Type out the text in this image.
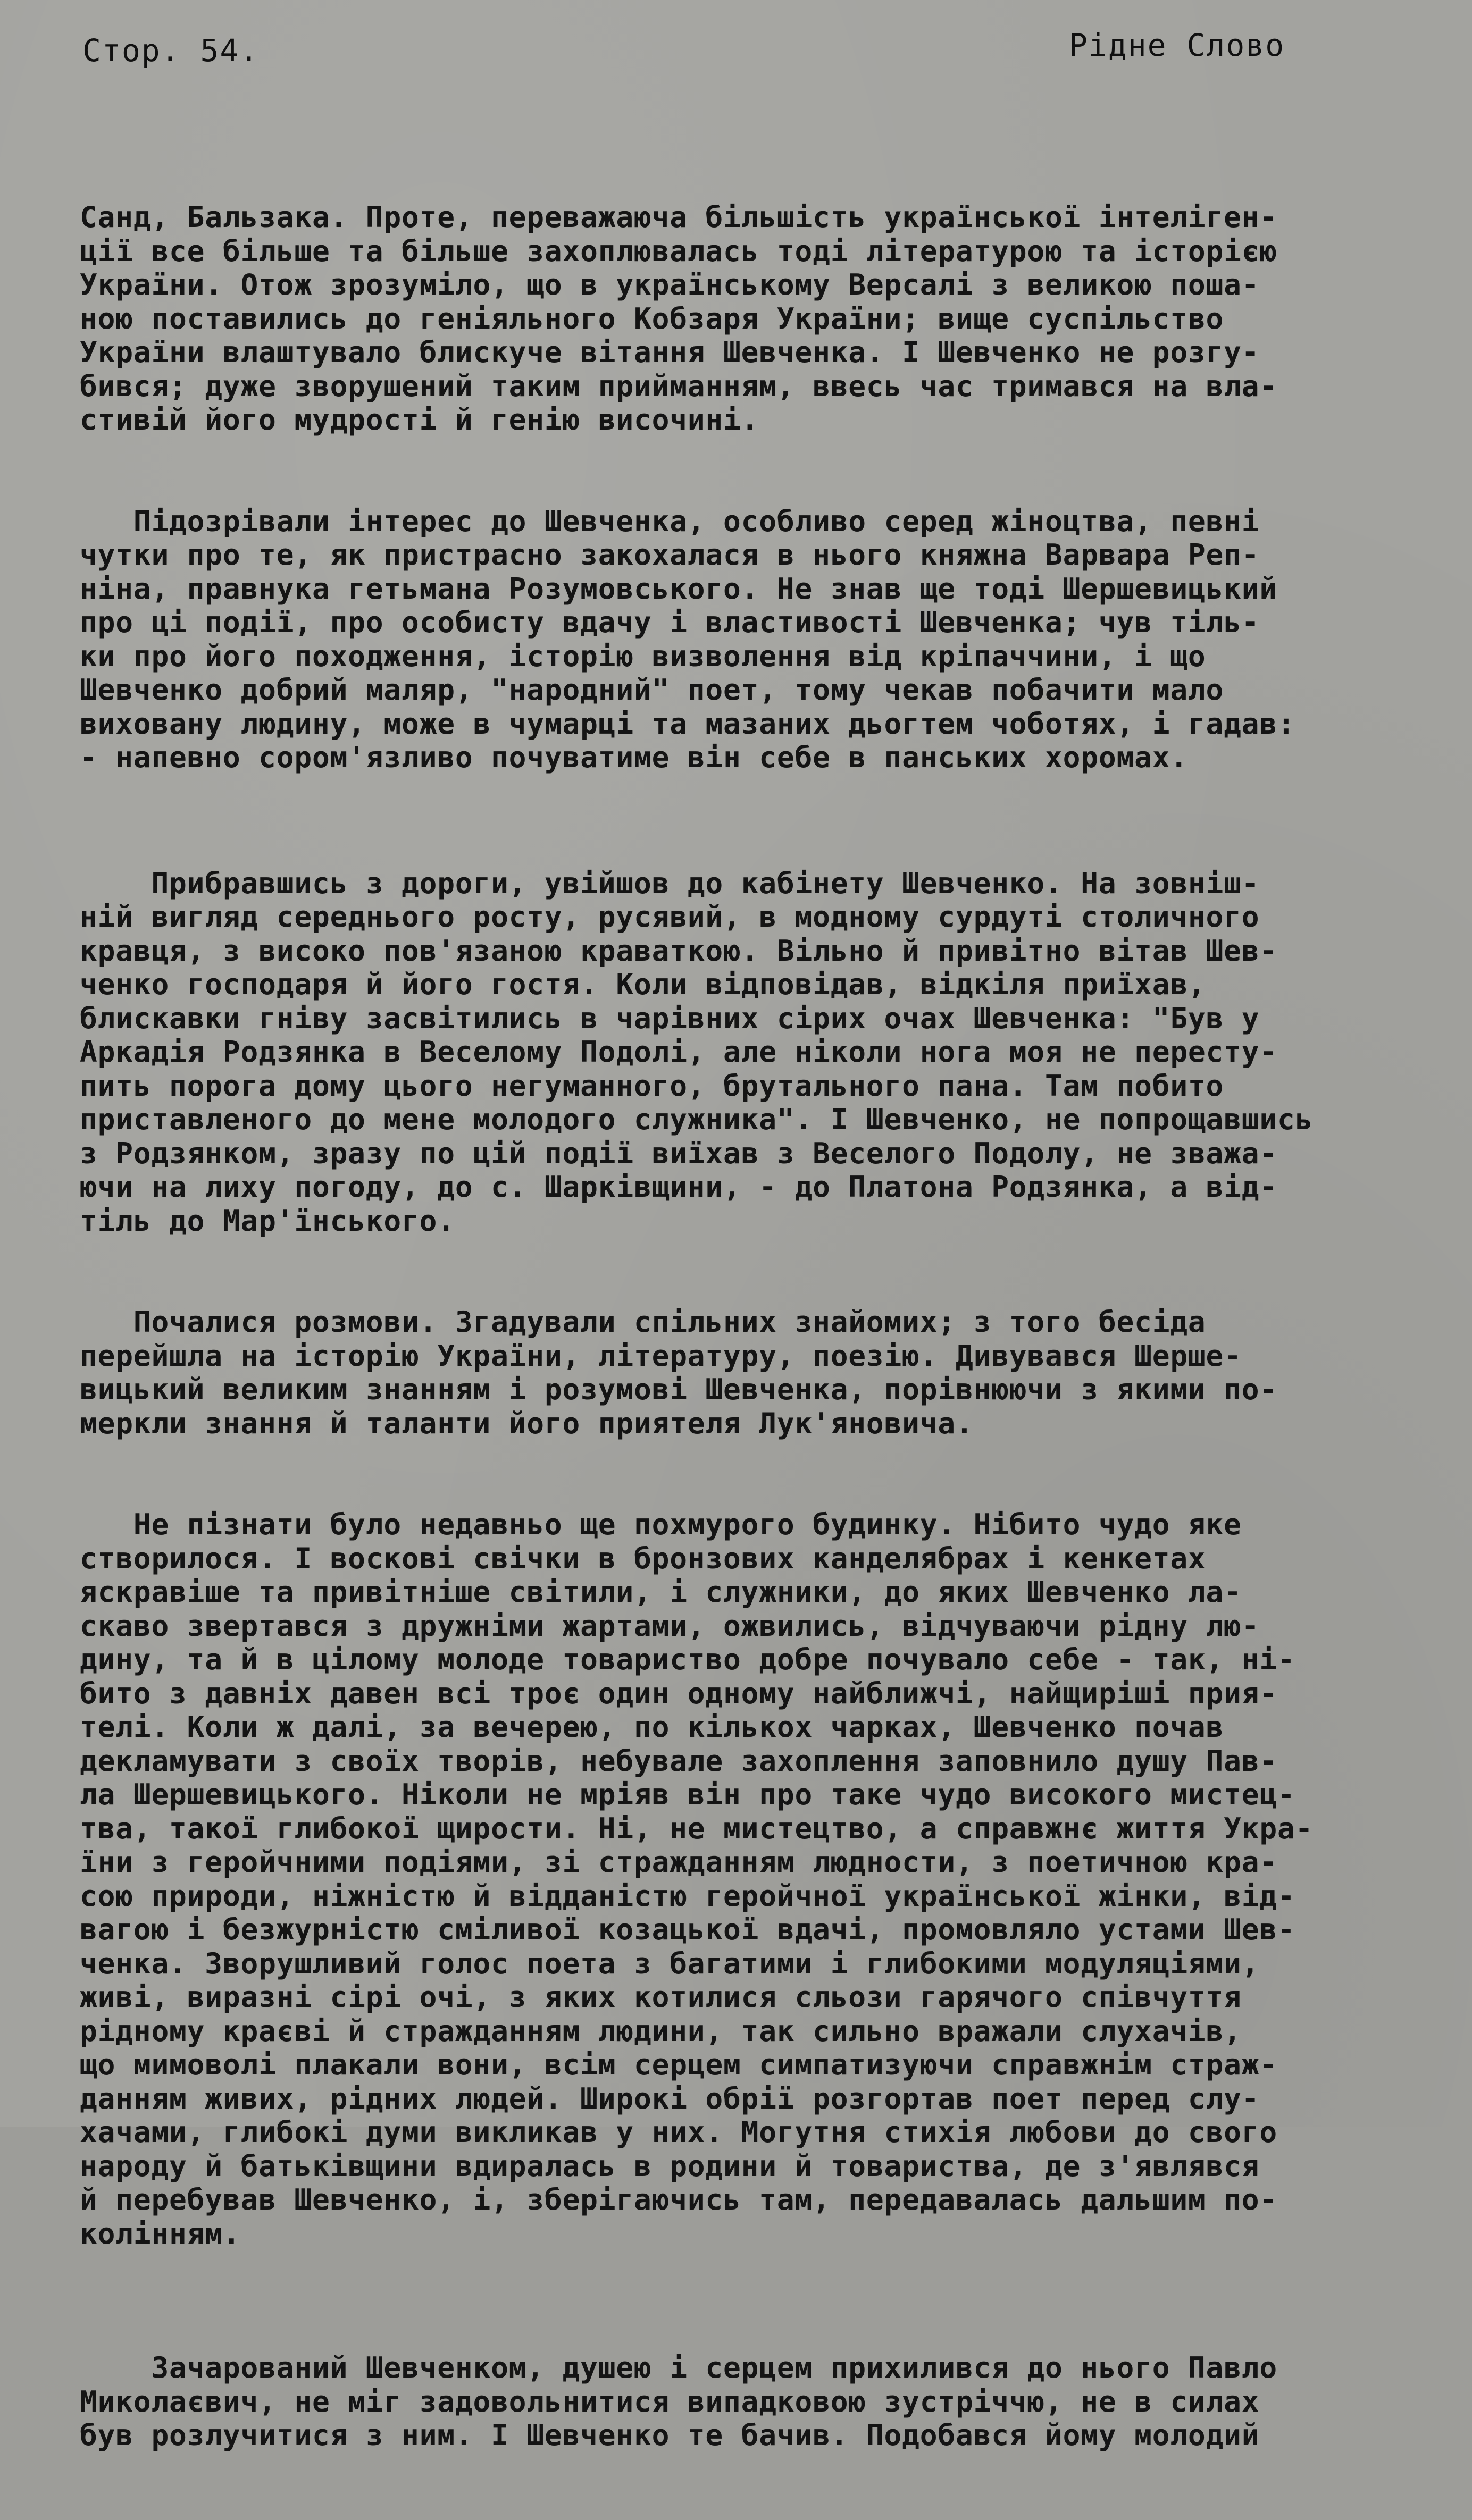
Стор. 54.	Рідне Слово

Санд, Бальзака. Проте, переважаюча більшість української інтеліген-
ції все більше та більше захоплювалась тоді літературою та історією
України. Отож зрозуміло, що в українському Версалі з великою поша-
ною поставились до геніяльного Кобзаря України; вище суспільство
України влаштувало блискуче вітання Шевченка. І Шевченко не розгу-
бився; дуже зворушений таким прийманням, ввесь час тримався на вла-
стивій його мудрості й генію височині.

Підозрівали інтерес до Шевченка, особливо серед жіноцтва, певні
чутки про те, як пристрасно закохалася в нього княжна Варвара Реп-
ніна, правнука гетьмана Розумовського. Не знав ще тоді Шершевицький
про ці події, про особисту вдачу і властивості Шевченка; чув тіль-
ки про його походження, історію визволення від кріпаччини, і що
Шевченко добрий маляр, "народний" поет, тому чекав побачити мало
виховану людину, може в чумарці та мазаних дьогтем чоботях, і гадав:
- напевно сором'язливо почуватиме він себе в панських хоромах.

Прибравшись з дороги, увійшов до кабінету Шевченко. На зовніш-
ній вигляд середнього росту, русявий, в модному сурдуті столичного
кравця, з високо пов'язаною краваткою. Вільно й привітно вітав Шев-
ченко господаря й його гостя. Коли відповідав, відкіля приїхав,
блискавки гніву засвітились в чарівних сірих очах Шевченка: "Був у
Аркадія Родзянка в Веселому Подолі, але ніколи нога моя не пересту-
пить порога дому цього негуманного, брутального пана. Там побито
приставленого до мене молодого служника". І Шевченко, не попрощавшись
з Родзянком, зразу по цій події виїхав з Веселого Подолу, не зважа-
ючи на лиху погоду, до с. Шарківщини, - до Платона Родзянка, а від-
тіль до Мар'їнського.

Почалися розмови. Згадували спільних знайомих; з того бесіда
перейшла на історію України, літературу, поезію. Дивувався Шерше-
вицький великим знанням і розумові Шевченка, порівнюючи з якими по-
меркли знання й таланти його приятеля Лук'яновича.

Не пізнати було недавньо ще похмурого будинку. Нібито чудо яке
створилося. І воскові свічки в бронзових канделябрах і кенкетах
яскравіше та привітніше світили, і служники, до яких Шевченко ла-
скаво звертався з дружніми жартами, ожвились, відчуваючи рідну лю-
дину, та й в цілому молоде товариство добре почувало себе - так, ні-
бито з давніх давен всі троє один одному найближчі, найщиріші прия-
телі. Коли ж далі, за вечерею, по кількох чарках, Шевченко почав
декламувати з своїх творів, небувале захоплення заповнило душу Пав-
ла Шершевицького. Ніколи не мріяв він про таке чудо високого мистец-
тва, такої глибокої щирости. Ні, не мистецтво, а справжнє життя Укра-
їни з геройчними подіями, зі стражданням людности, з поетичною кра-
сою природи, ніжністю й відданістю геройчної української жінки, від-
вагою і безжурністю сміливої козацької вдачі, промовляло устами Шев-
ченка. Зворушливий голос поета з багатими і глибокими модуляціями,
живі, виразні сірі очі, з яких котилися сльози гарячого співчуття
рідному краєві й стражданням людини, так сильно вражали слухачів,
що мимоволі плакали вони, всім серцем симпатизуючи справжнім страж-
данням живих, рідних людей. Широкі обрії розгортав поет перед слу-
хачами, глибокі думи викликав у них. Могутня стихія любови до свого
народу й батьківщини вдиралась в родини й товариства, де з'являвся
й перебував Шевченко, і, зберігаючись там, передавалась дальшим по-
колінням.

Зачарований Шевченком, душею і серцем прихилився до нього Павло
Миколаєвич, не міг задовольнитися випадковою зустріччю, не в силах
був розлучитися з ним. І Шевченко те бачив. Подобався йому молодий
